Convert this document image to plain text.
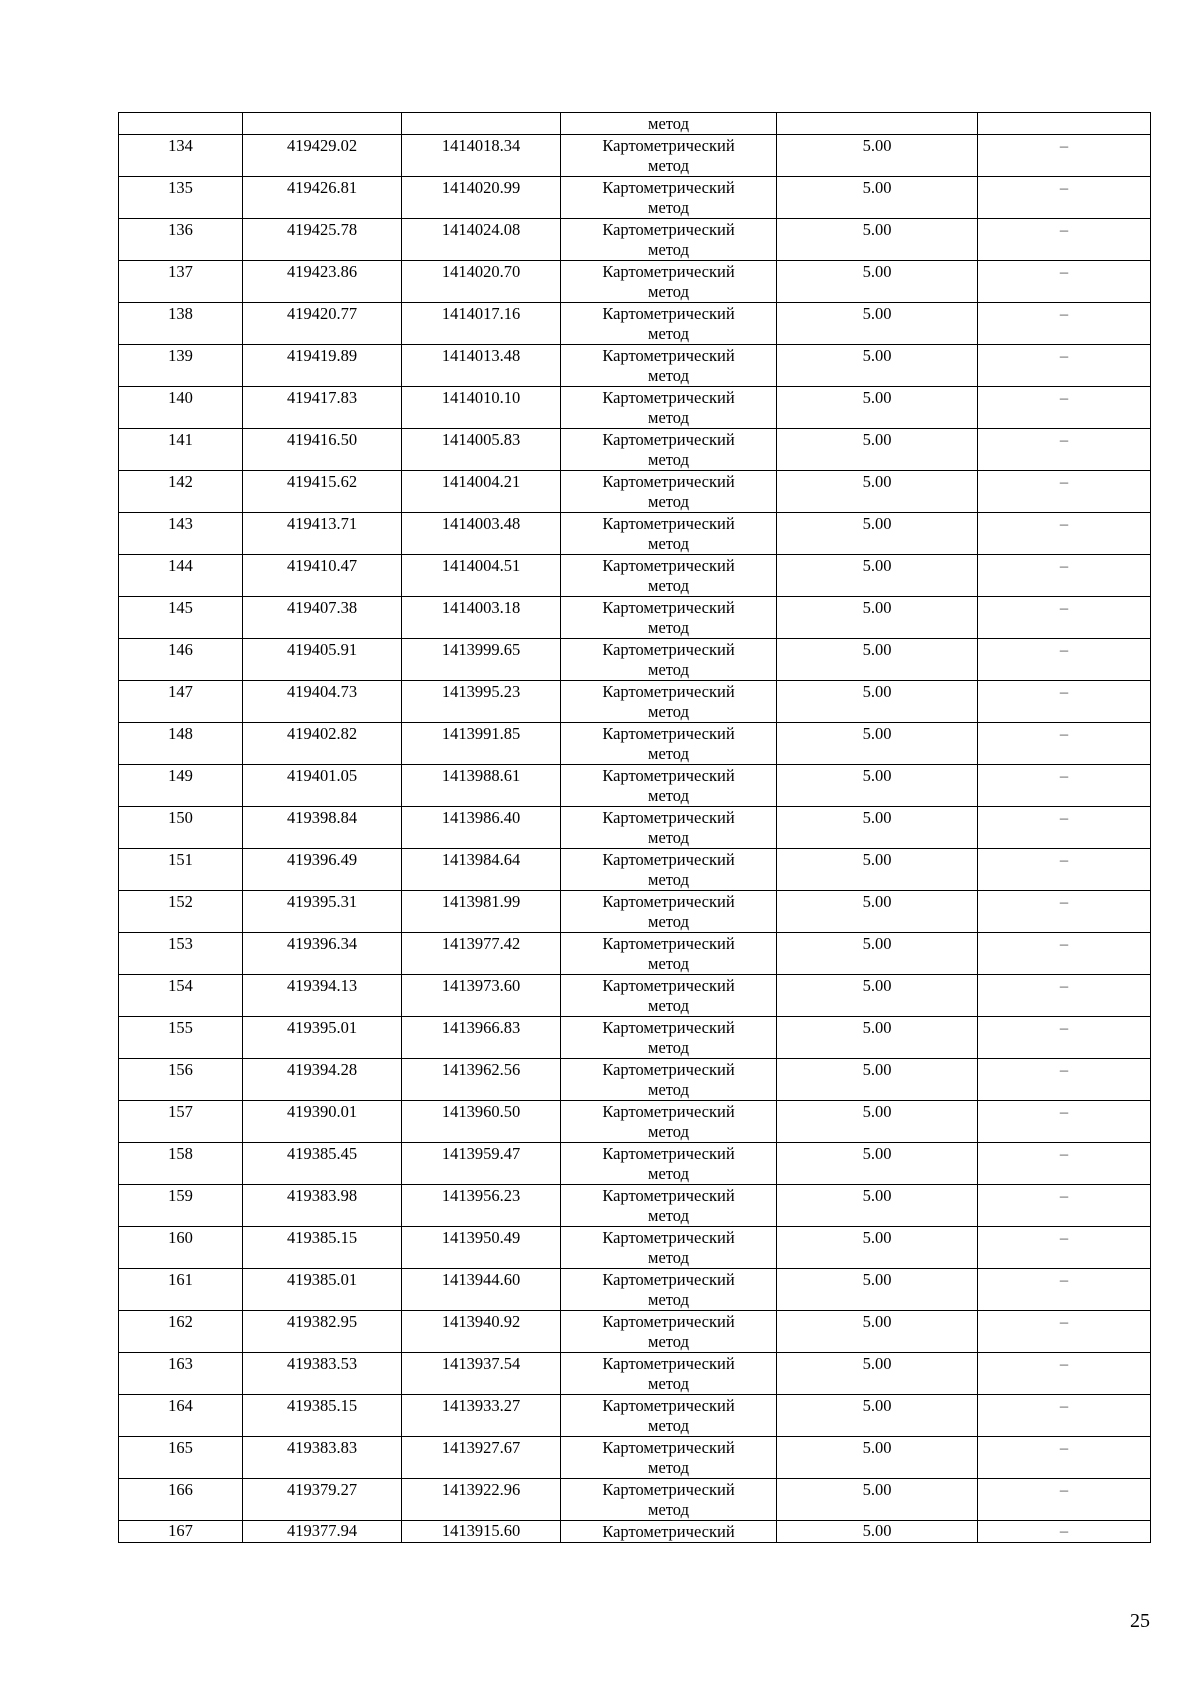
			метод		

134	419429.02	1414018.34	Картометрический
метод	5.00	–

135	419426.81	1414020.99	Картометрический
метод	5.00	–

136	419425.78	1414024.08	Картометрический
метод	5.00	–

137	419423.86	1414020.70	Картометрический
метод	5.00	–

138	419420.77	1414017.16	Картометрический
метод	5.00	–

139	419419.89	1414013.48	Картометрический
метод	5.00	–

140	419417.83	1414010.10	Картометрический
метод	5.00	–

141	419416.50	1414005.83	Картометрический
метод	5.00	–

142	419415.62	1414004.21	Картометрический
метод	5.00	–

143	419413.71	1414003.48	Картометрический
метод	5.00	–

144	419410.47	1414004.51	Картометрический
метод	5.00	–

145	419407.38	1414003.18	Картометрический
метод	5.00	–

146	419405.91	1413999.65	Картометрический
метод	5.00	–

147	419404.73	1413995.23	Картометрический
метод	5.00	–

148	419402.82	1413991.85	Картометрический
метод	5.00	–

149	419401.05	1413988.61	Картометрический
метод	5.00	–

150	419398.84	1413986.40	Картометрический
метод	5.00	–

151	419396.49	1413984.64	Картометрический
метод	5.00	–

152	419395.31	1413981.99	Картометрический
метод	5.00	–

153	419396.34	1413977.42	Картометрический
метод	5.00	–

154	419394.13	1413973.60	Картометрический
метод	5.00	–

155	419395.01	1413966.83	Картометрический
метод	5.00	–

156	419394.28	1413962.56	Картометрический
метод	5.00	–

157	419390.01	1413960.50	Картометрический
метод	5.00	–

158	419385.45	1413959.47	Картометрический
метод	5.00	–

159	419383.98	1413956.23	Картометрический
метод	5.00	–

160	419385.15	1413950.49	Картометрический
метод	5.00	–

161	419385.01	1413944.60	Картометрический
метод	5.00	–

162	419382.95	1413940.92	Картометрический
метод	5.00	–

163	419383.53	1413937.54	Картометрический
метод	5.00	–

164	419385.15	1413933.27	Картометрический
метод	5.00	–

165	419383.83	1413927.67	Картометрический
метод	5.00	–

166	419379.27	1413922.96	Картометрический
метод	5.00	–

167	419377.94	1413915.60	Картометрический	5.00	–
25
